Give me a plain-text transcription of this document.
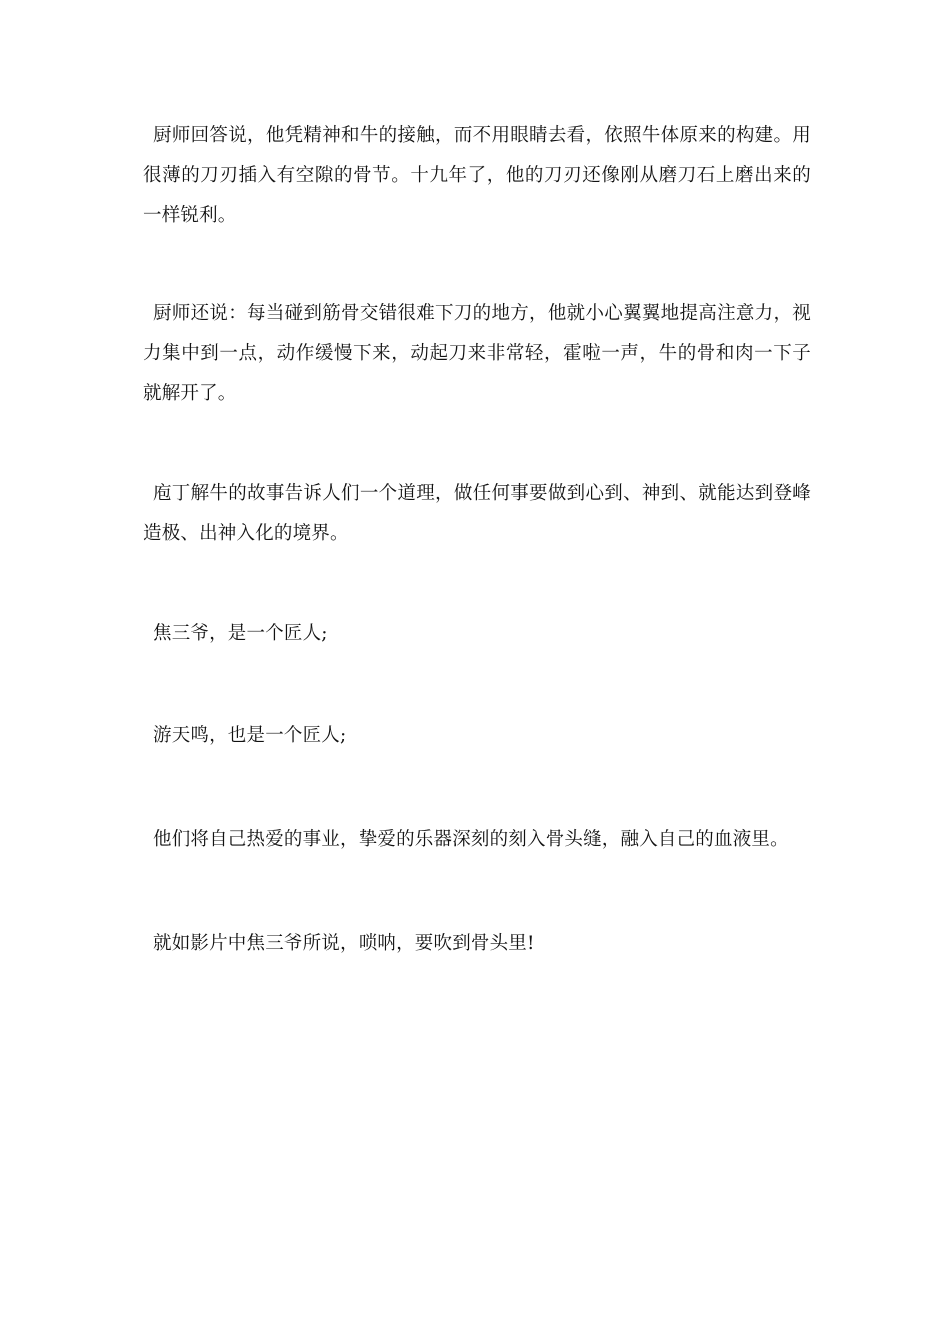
厨师回答说，他凭精神和牛的接触，而不用眼睛去看，依照牛体原来的构建。用很薄的刀刃插入有空隙的骨节。十九年了，他的刀刃还像刚从磨刀石上磨出来的一样锐利。

厨师还说：每当碰到筋骨交错很难下刀的地方，他就小心翼翼地提高注意力，视力集中到一点，动作缓慢下来，动起刀来非常轻，霍啦一声，牛的骨和肉一下子就解开了。

庖丁解牛的故事告诉人们一个道理，做任何事要做到心到、神到、就能达到登峰造极、出神入化的境界。

焦三爷，是一个匠人;

游天鸣，也是一个匠人;

他们将自己热爱的事业，挚爱的乐器深刻的刻入骨头缝，融入自己的血液里。

就如影片中焦三爷所说，唢呐，要吹到骨头里!
